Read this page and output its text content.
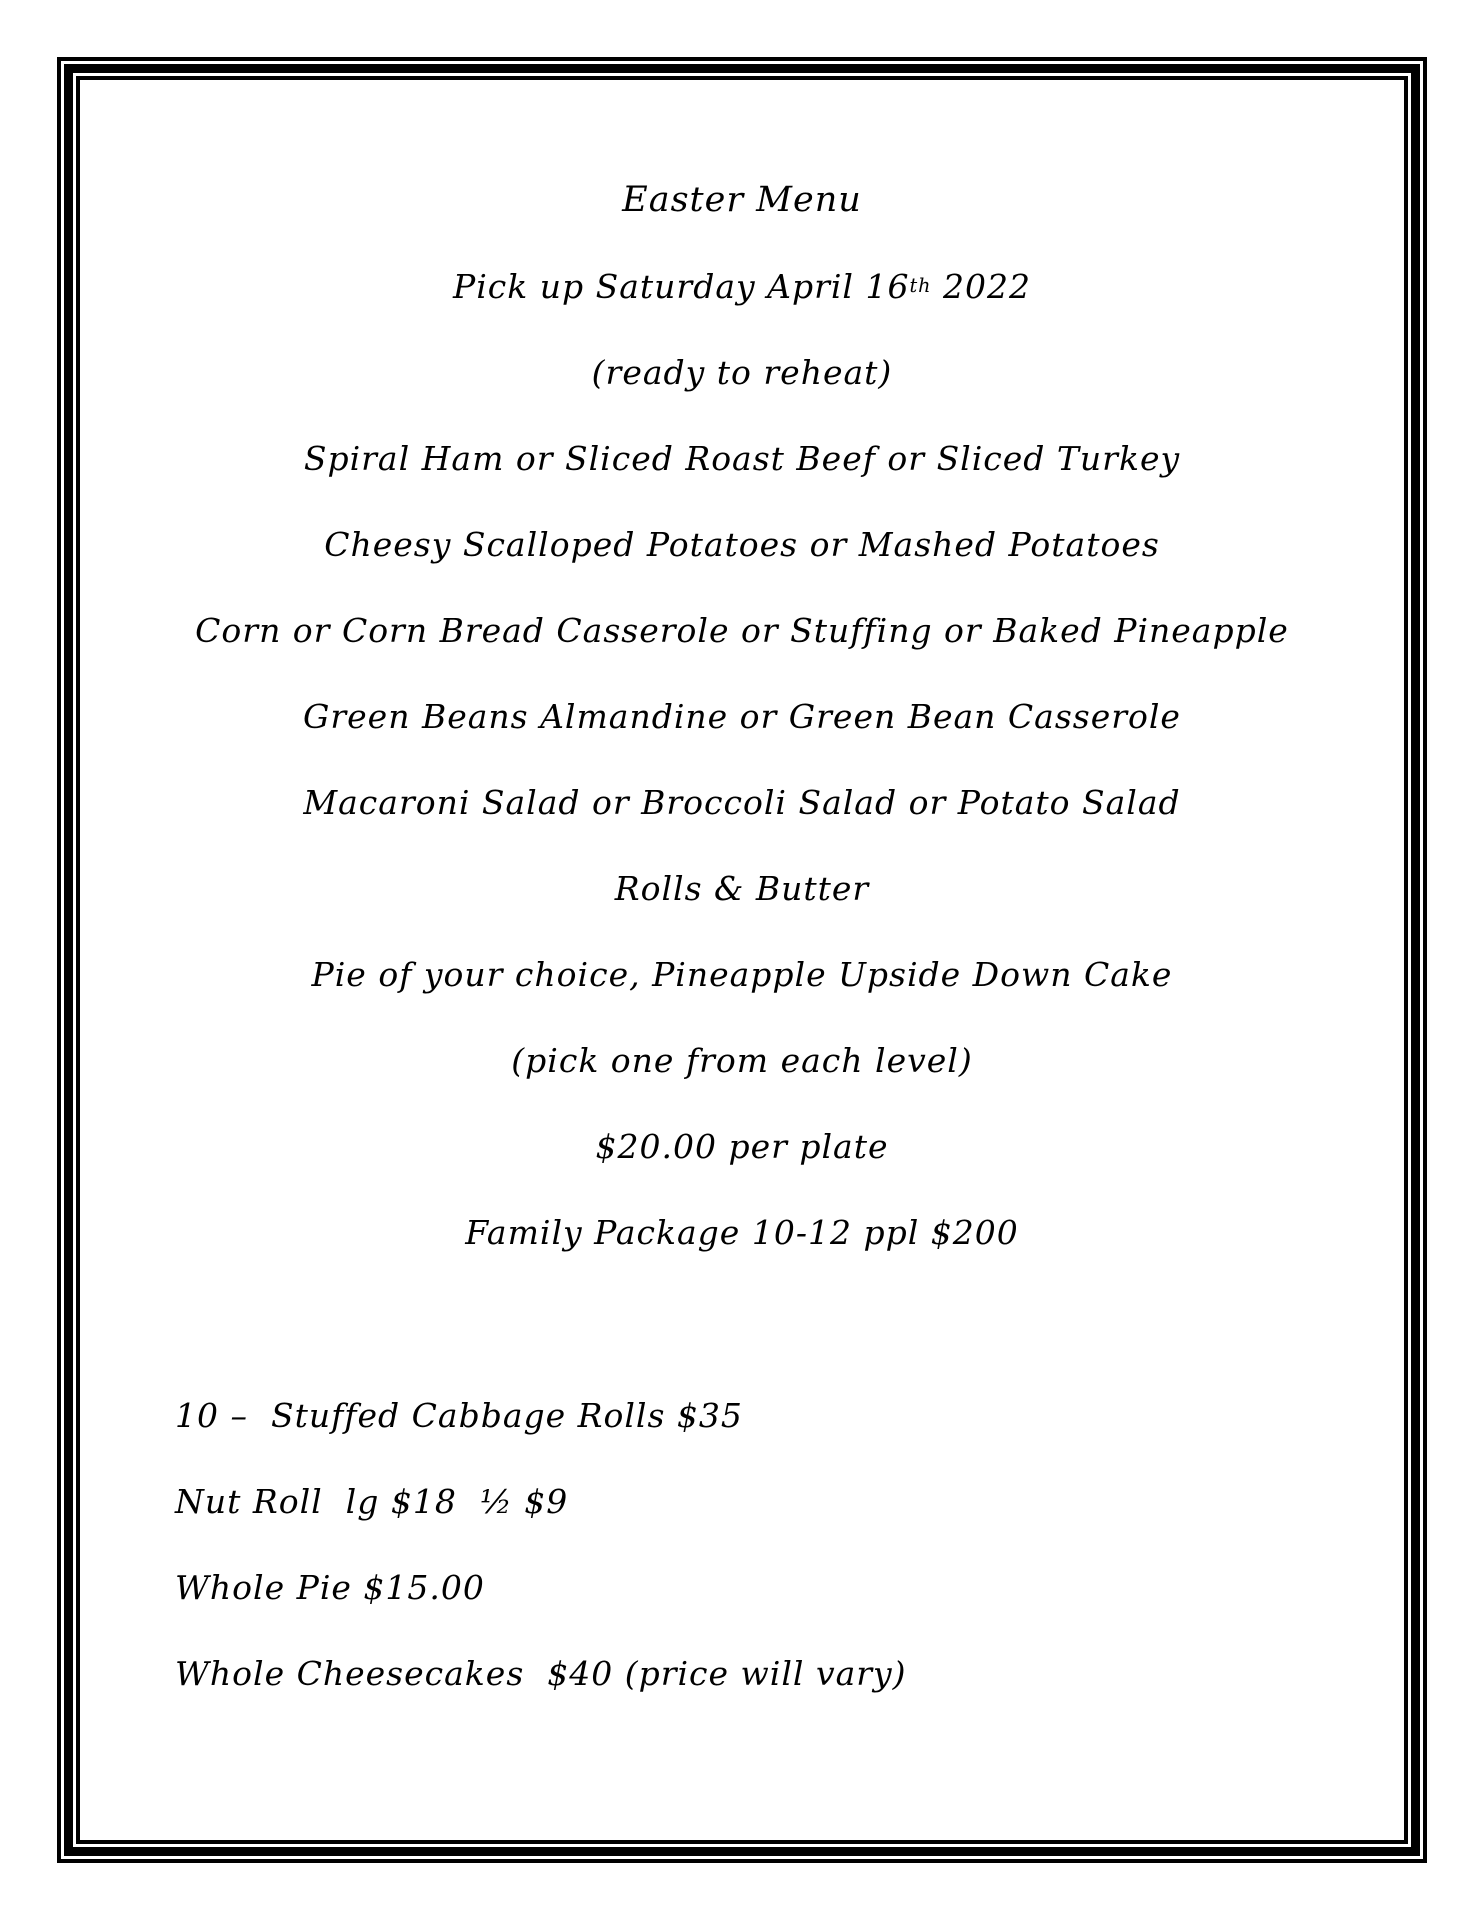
Easter Menu
Pick up Saturday April 16 th 2022
(ready to reheat)
Spiral Ham or Sliced Roast Beef or Sliced Turkey
Cheesy Scalloped Potatoes or Mashed Potatoes
Corn or Corn Bread Casserole or Stuffing or Baked Pineapple
Green Beans Almandine or Green Bean Casserole
Macaroni Salad or Broccoli Salad or Potato Salad
Rolls & Butter
Pie of your choice, Pineapple Upside Down Cake
(pick one from each level)
$20.00 per plate
Family Package 10-12 ppl $200
10 –  Stuffed Cabbage Rolls $35
Nut Roll  lg $18  ½ $9
Whole Pie $15.00
Whole Cheesecakes  $40 (price will vary)
